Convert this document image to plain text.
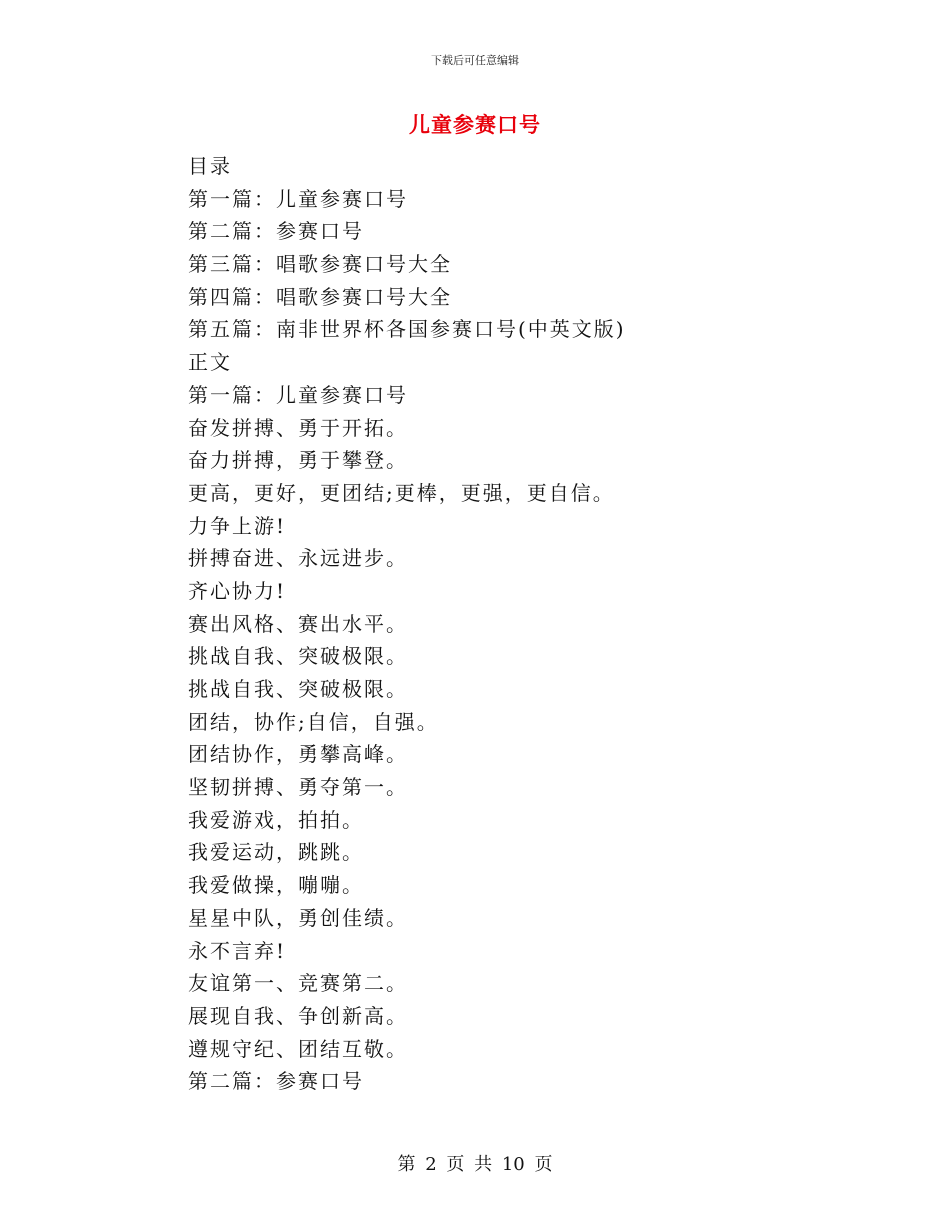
下载后可任意编辑
儿童参赛口号
目录
第一篇：儿童参赛口号
第二篇：参赛口号
第三篇：唱歌参赛口号大全
第四篇：唱歌参赛口号大全
第五篇：南非世界杯各国参赛口号(中英文版)
正文
第一篇：儿童参赛口号
奋发拼搏、勇于开拓。
奋力拼搏，勇于攀登。
更高，更好，更团结;更棒，更强，更自信。
力争上游!
拼搏奋进、永远进步。
齐心协力!
赛出风格、赛出水平。
挑战自我、突破极限。
挑战自我、突破极限。
团结，协作;自信，自强。
团结协作，勇攀高峰。
坚韧拼搏、勇夺第一。
我爱游戏，拍拍。
我爱运动，跳跳。
我爱做操，嘣嘣。
星星中队，勇创佳绩。
永不言弃!
友谊第一、竞赛第二。
展现自我、争创新高。
遵规守纪、团结互敬。
第二篇：参赛口号
第 2 页 共 10 页
